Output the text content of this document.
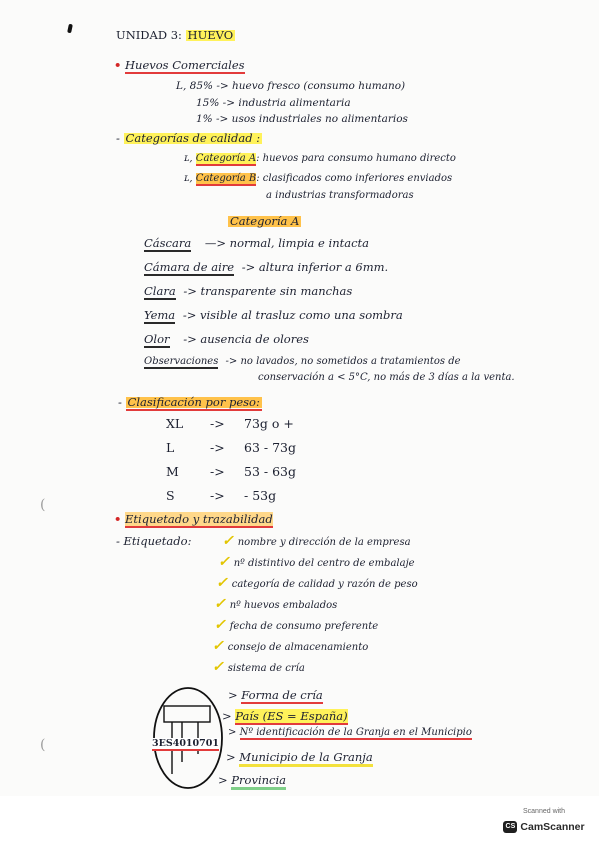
(
(
UNIDAD 3: HUEVO
• Huevos Comerciales
L, 85% -> huevo fresco (consumo humano)
15% -> industria alimentaria
1% -> usos industriales no alimentarios
- Categorías de calidad :
ʟ, Categoría A: huevos para consumo humano directo
ʟ, Categoría B: clasificados como inferiores enviados
a industrias transformadoras
Categoría A
Cáscara —> normal, limpia e intacta
Cámara de aire -> altura inferior a 6mm.
Clara -> transparente sin manchas
Yema -> visible al trasluz como una sombra
Olor -> ausencia de olores
Observaciones -> no lavados, no sometidos a tratamientos de
conservación a < 5°C, no más de 3 días a la venta.
- Clasificación por peso:
XL -> 73g o +
L	-> 63 - 73g
M -> 53 - 63g
S	-> - 53g
• Etiquetado y trazabilidad
- Etiquetado: ✓ nombre y dirección de la empresa
✓ nº distintivo del centro de embalaje
✓ categoría de calidad y razón de peso
✓ nº huevos embalados
✓ fecha de consumo preferente
✓ consejo de almacenamiento
✓ sistema de cría
3ES4010701
> Forma de cría
> País (ES = España)
> Nº identificación de la Granja en el Municipio
> Municipio de la Granja
> Provincia
Scanned with
CS CamScanner
